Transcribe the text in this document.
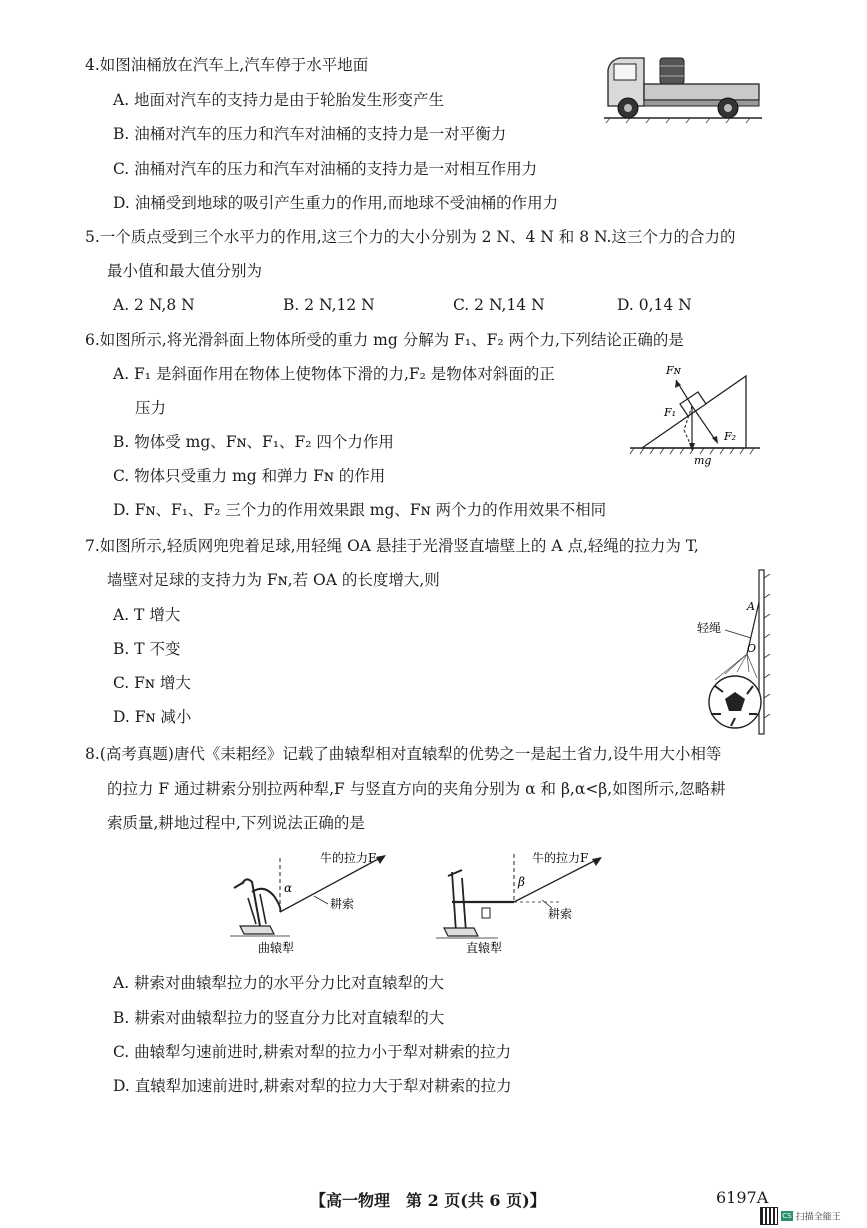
4.如图油桶放在汽车上,汽车停于水平地面
A. 地面对汽车的支持力是由于轮胎发生形变产生
B. 油桶对汽车的压力和汽车对油桶的支持力是一对平衡力
C. 油桶对汽车的压力和汽车对油桶的支持力是一对相互作用力
D. 油桶受到地球的吸引产生重力的作用,而地球不受油桶的作用力
5.一个质点受到三个水平力的作用,这三个力的大小分别为 2 N、4 N 和 8 N.这三个力的合力的
最小值和最大值分别为
A. 2 N,8 N	B. 2 N,12 N	C. 2 N,14 N	D. 0,14 N
6.如图所示,将光滑斜面上物体所受的重力 mg 分解为 F₁、F₂ 两个力,下列结论正确的是
A. F₁ 是斜面作用在物体上使物体下滑的力,F₂ 是物体对斜面的正
压力
B. 物体受 mg、Fɴ、F₁、F₂ 四个力作用
C. 物体只受重力 mg 和弹力 Fɴ 的作用
D. Fɴ、F₁、F₂ 三个力的作用效果跟 mg、Fɴ 两个力的作用效果不相同
Fɴ
F₁
F₂
mg
7.如图所示,轻质网兜兜着足球,用轻绳 OA 悬挂于光滑竖直墙壁上的 A 点,轻绳的拉力为 T,
墙壁对足球的支持力为 Fɴ,若 OA 的长度增大,则
A. T 增大
B. T 不变
C. Fɴ 增大
D. Fɴ 减小
轻绳
A
O
8.(高考真题)唐代《耒耜经》记载了曲辕犁相对直辕犁的优势之一是起土省力,设牛用大小相等
的拉力 F 通过耕索分别拉两种犁,F 与竖直方向的夹角分别为 α 和 β,α<β,如图所示,忽略耕
索质量,耕地过程中,下列说法正确的是
牛的拉力F
α
耕索
曲辕犁
牛的拉力F
β
耕索
直辕犁
A. 耕索对曲辕犁拉力的水平分力比对直辕犁的大
B. 耕索对曲辕犁拉力的竖直分力比对直辕犁的大
C. 曲辕犁匀速前进时,耕索对犁的拉力小于犁对耕索的拉力
D. 直辕犁加速前进时,耕索对犁的拉力大于犁对耕索的拉力
【高一物理　第 2 页(共 6 页)】	6197A
CS 扫描全能王
